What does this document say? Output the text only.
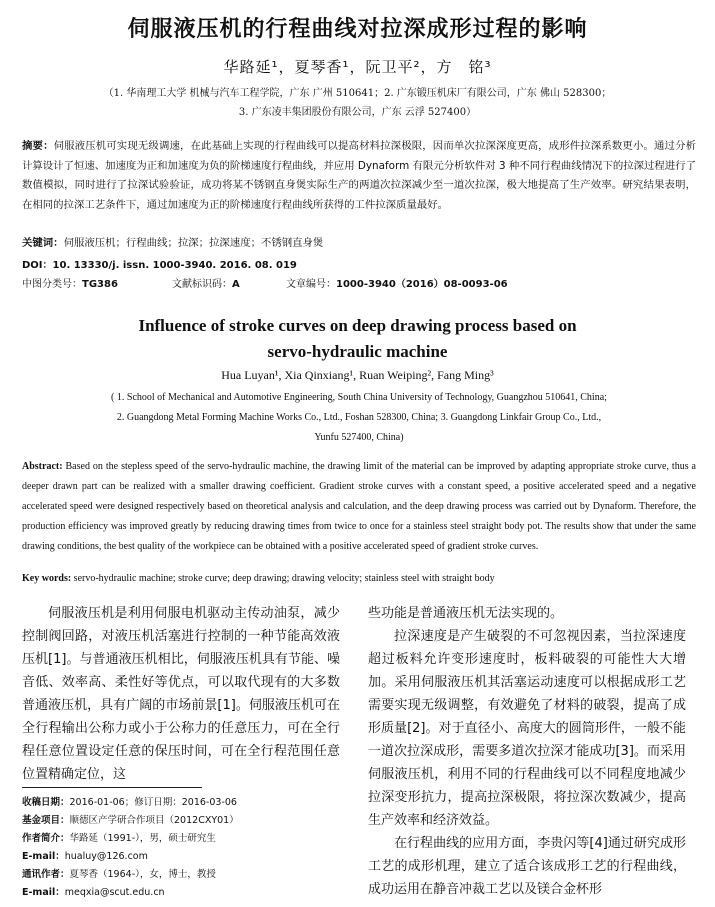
伺服液压机的行程曲线对拉深成形过程的影响
华路延¹，夏琴香¹，阮卫平²，方　铭³
（1. 华南理工大学 机械与汽车工程学院，广东 广州 510641；2. 广东锻压机床厂有限公司，广东 佛山 528300；
3. 广东凌丰集团股份有限公司，广东 云浮 527400）
摘要：伺服液压机可实现无级调速，在此基础上实现的行程曲线可以提高材料拉深极限，因而单次拉深深度更高，成形件拉深系数更小。通过分析计算设计了恒速、加速度为正和加速度为负的阶梯速度行程曲线，并应用 Dynaform 有限元分析软件对 3 种不同行程曲线情况下的拉深过程进行了数值模拟，同时进行了拉深试验验证，成功将某不锈钢直身煲实际生产的两道次拉深减少至一道次拉深，极大地提高了生产效率。研究结果表明，在相同的拉深工艺条件下，通过加速度为正的阶梯速度行程曲线所获得的工件拉深质量最好。
关键词：伺服液压机；行程曲线；拉深；拉深速度；不锈钢直身煲
DOI：10. 13330/j. issn. 1000-3940. 2016. 08. 019
中图分类号：TG386	文献标识码：A	文章编号：1000-3940（2016）08-0093-06
Influence of stroke curves on deep drawing process based on
servo-hydraulic machine
Hua Luyan¹, Xia Qinxiang¹, Ruan Weiping², Fang Ming³
( 1. School of Mechanical and Automotive Engineering, South China University of Technology, Guangzhou 510641, China;
2. Guangdong Metal Forming Machine Works Co., Ltd., Foshan 528300, China; 3. Guangdong Linkfair Group Co., Ltd.,
Yunfu 527400, China)
Abstract: Based on the stepless speed of the servo-hydraulic machine, the drawing limit of the material can be improved by adapting appropriate stroke curve, thus a deeper drawn part can be realized with a smaller drawing coefficient. Gradient stroke curves with a constant speed, a positive accelerated speed and a negative accelerated speed were designed respectively based on theoretical analysis and calculation, and the deep drawing process was carried out by Dynaform. Therefore, the production efficiency was improved greatly by reducing drawing times from twice to once for a stainless steel straight body pot. The results show that under the same drawing conditions, the best quality of the workpiece can be obtained with a positive accelerated speed of gradient stroke curves.
Key words: servo-hydraulic machine; stroke curve; deep drawing; drawing velocity; stainless steel with straight body

伺服液压机是利用伺服电机驱动主传动油泵，减少控制阀回路，对液压机活塞进行控制的一种节能高效液压机[1]。与普通液压机相比，伺服液压机具有节能、噪音低、效率高、柔性好等优点，可以取代现有的大多数普通液压机，具有广阔的市场前景[1]。伺服液压机可在全行程输出公称力或小于公称力的任意压力，可在全行程任意位置设定任意的保压时间，可在全行程范围任意位置精确定位，这

些功能是普通液压机无法实现的。

拉深速度是产生破裂的不可忽视因素，当拉深速度超过板料允许变形速度时，板料破裂的可能性大大增加。采用伺服液压机其活塞运动速度可以根据成形工艺需要实现无级调整，有效避免了材料的破裂，提高了成形质量[2]。对于直径小、高度大的圆筒形件，一般不能一道次拉深成形，需要多道次拉深才能成功[3]。而采用伺服液压机，利用不同的行程曲线可以不同程度地减少拉深变形抗力，提高拉深极限，将拉深次数减少，提高生产效率和经济效益。

在行程曲线的应用方面，李贵闪等[4]通过研究成形工艺的成形机理，建立了适合该成形工艺的行程曲线，成功运用在静音冲裁工艺以及镁合金杯形

收稿日期：2016-01-06；修订日期：2016-03-06
基金项目：顺德区产学研合作项目（2012CXY01）
作者简介：华路延（1991-），男，硕士研究生
E-mail：hualuy@126.com
通讯作者：夏琴香（1964-），女，博士，教授
E-mail：meqxia@scut.edu.cn
